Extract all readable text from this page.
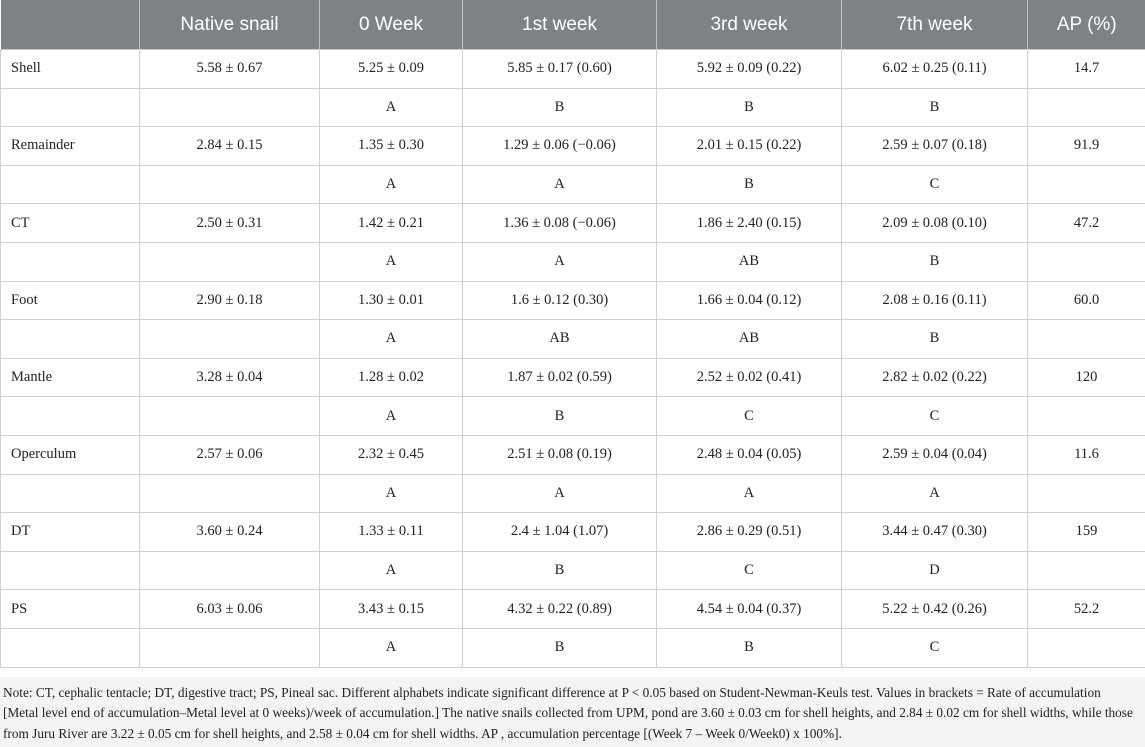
	Native snail	0 Week	1st week	3rd week	7th week	AP (%)
Shell	5.58 ± 0.67	5.25 ± 0.09	5.85 ± 0.17 (0.60)	5.92 ± 0.09 (0.22)	6.02 ± 0.25 (0.11)	14.7
		A	B	B	B	
Remainder	2.84 ± 0.15	1.35 ± 0.30	1.29 ± 0.06 (−0.06)	2.01 ± 0.15 (0.22)	2.59 ± 0.07 (0.18)	91.9
		A	A	B	C	
CT	2.50 ± 0.31	1.42 ± 0.21	1.36 ± 0.08 (−0.06)	1.86 ± 2.40 (0.15)	2.09 ± 0.08 (0.10)	47.2
		A	A	AB	B	
Foot	2.90 ± 0.18	1.30 ± 0.01	1.6 ± 0.12 (0.30)	1.66 ± 0.04 (0.12)	2.08 ± 0.16 (0.11)	60.0
		A	AB	AB	B	
Mantle	3.28 ± 0.04	1.28 ± 0.02	1.87 ± 0.02 (0.59)	2.52 ± 0.02 (0.41)	2.82 ± 0.02 (0.22)	120
		A	B	C	C	
Operculum	2.57 ± 0.06	2.32 ± 0.45	2.51 ± 0.08 (0.19)	2.48 ± 0.04 (0.05)	2.59 ± 0.04 (0.04)	11.6
		A	A	A	A	
DT	3.60 ± 0.24	1.33 ± 0.11	2.4 ± 1.04 (1.07)	2.86 ± 0.29 (0.51)	3.44 ± 0.47 (0.30)	159
		A	B	C	D	
PS	6.03 ± 0.06	3.43 ± 0.15	4.32 ± 0.22 (0.89)	4.54 ± 0.04 (0.37)	5.22 ± 0.42 (0.26)	52.2
		A	B	B	C	
Note: CT, cephalic tentacle; DT, digestive tract; PS, Pineal sac. Different alphabets indicate significant difference at P < 0.05 based on Student-Newman-Keuls test. Values in brackets = Rate of accumulation [Metal level end of accumulation–Metal level at 0 weeks)/week of accumulation.] The native snails collected from UPM, pond are 3.60 ± 0.03 cm for shell heights, and 2.84 ± 0.02 cm for shell widths, while those from Juru River are 3.22 ± 0.05 cm for shell heights, and 2.58 ± 0.04 cm for shell widths. AP , accumulation percentage [(Week 7 – Week 0/Week0) x 100%].
